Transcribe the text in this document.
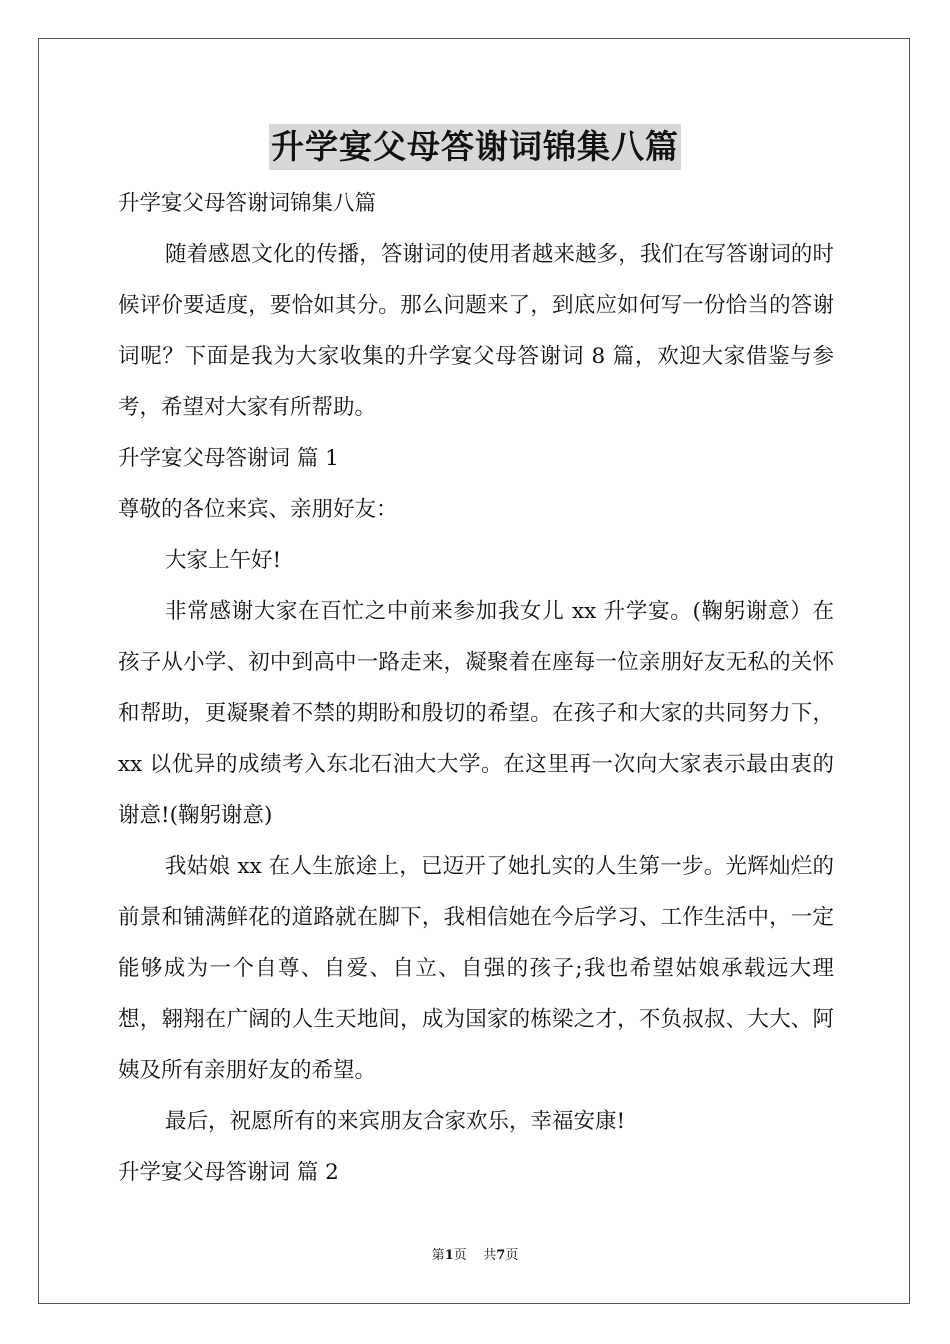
升学宴父母答谢词锦集八篇

升学宴父母答谢词锦集八篇

随着感恩文化的传播，答谢词的使用者越来越多，我们在写答谢词的时候评价要适度，要恰如其分。那么问题来了，到底应如何写一份恰当的答谢词呢？下面是我为大家收集的升学宴父母答谢词 8 篇，欢迎大家借鉴与参考，希望对大家有所帮助。

升学宴父母答谢词 篇 1

尊敬的各位来宾、亲朋好友：

大家上午好!

非常感谢大家在百忙之中前来参加我女儿 xx 升学宴。(鞠躬谢意）在孩子从小学、初中到高中一路走来，凝聚着在座每一位亲朋好友无私的关怀和帮助，更凝聚着不禁的期盼和殷切的希望。在孩子和大家的共同努力下，xx 以优异的成绩考入东北石油大大学。在这里再一次向大家表示最由衷的谢意!(鞠躬谢意)

我姑娘 xx 在人生旅途上，已迈开了她扎实的人生第一步。光辉灿烂的前景和铺满鲜花的道路就在脚下，我相信她在今后学习、工作生活中，一定能够成为一个自尊、自爱、自立、自强的孩子;我也希望姑娘承载远大理想，翱翔在广阔的人生天地间，成为国家的栋梁之才，不负叔叔、大大、阿姨及所有亲朋好友的希望。

最后，祝愿所有的来宾朋友合家欢乐，幸福安康!

升学宴父母答谢词 篇 2

第1页    共7页
